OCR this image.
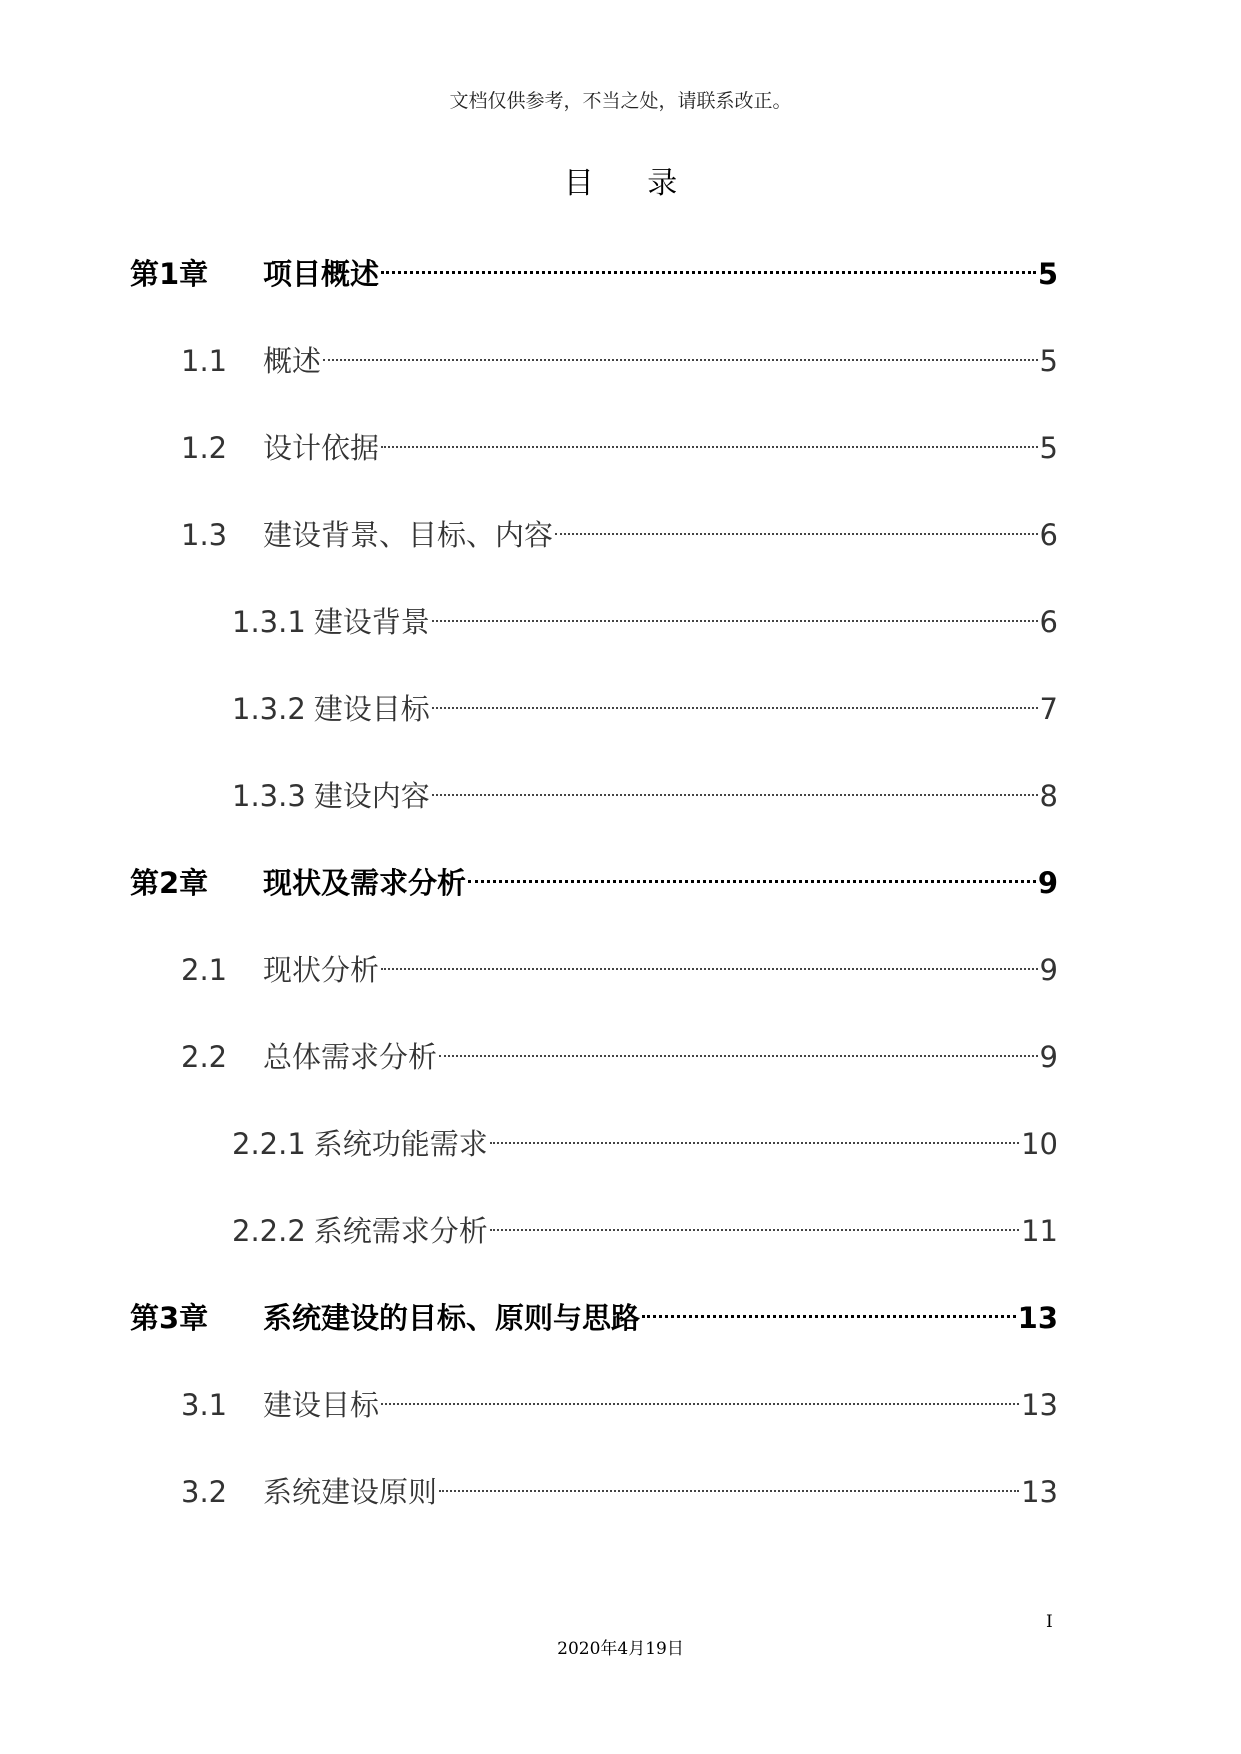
文档仅供参考，不当之处，请联系改正。
目 录
第1章	项目概述	5
1.1	概述	5
1.2	设计依据	5
1.3	建设背景、目标、内容	6
1.3.1 建设背景	6
1.3.2 建设目标	7
1.3.3 建设内容	8
第2章	现状及需求分析	9
2.1	现状分析	9
2.2	总体需求分析	9
2.2.1 系统功能需求	10
2.2.2 系统需求分析	11
第3章	系统建设的目标、原则与思路	13
3.1	建设目标	13
3.2	系统建设原则	13
I
2020年4月19日
